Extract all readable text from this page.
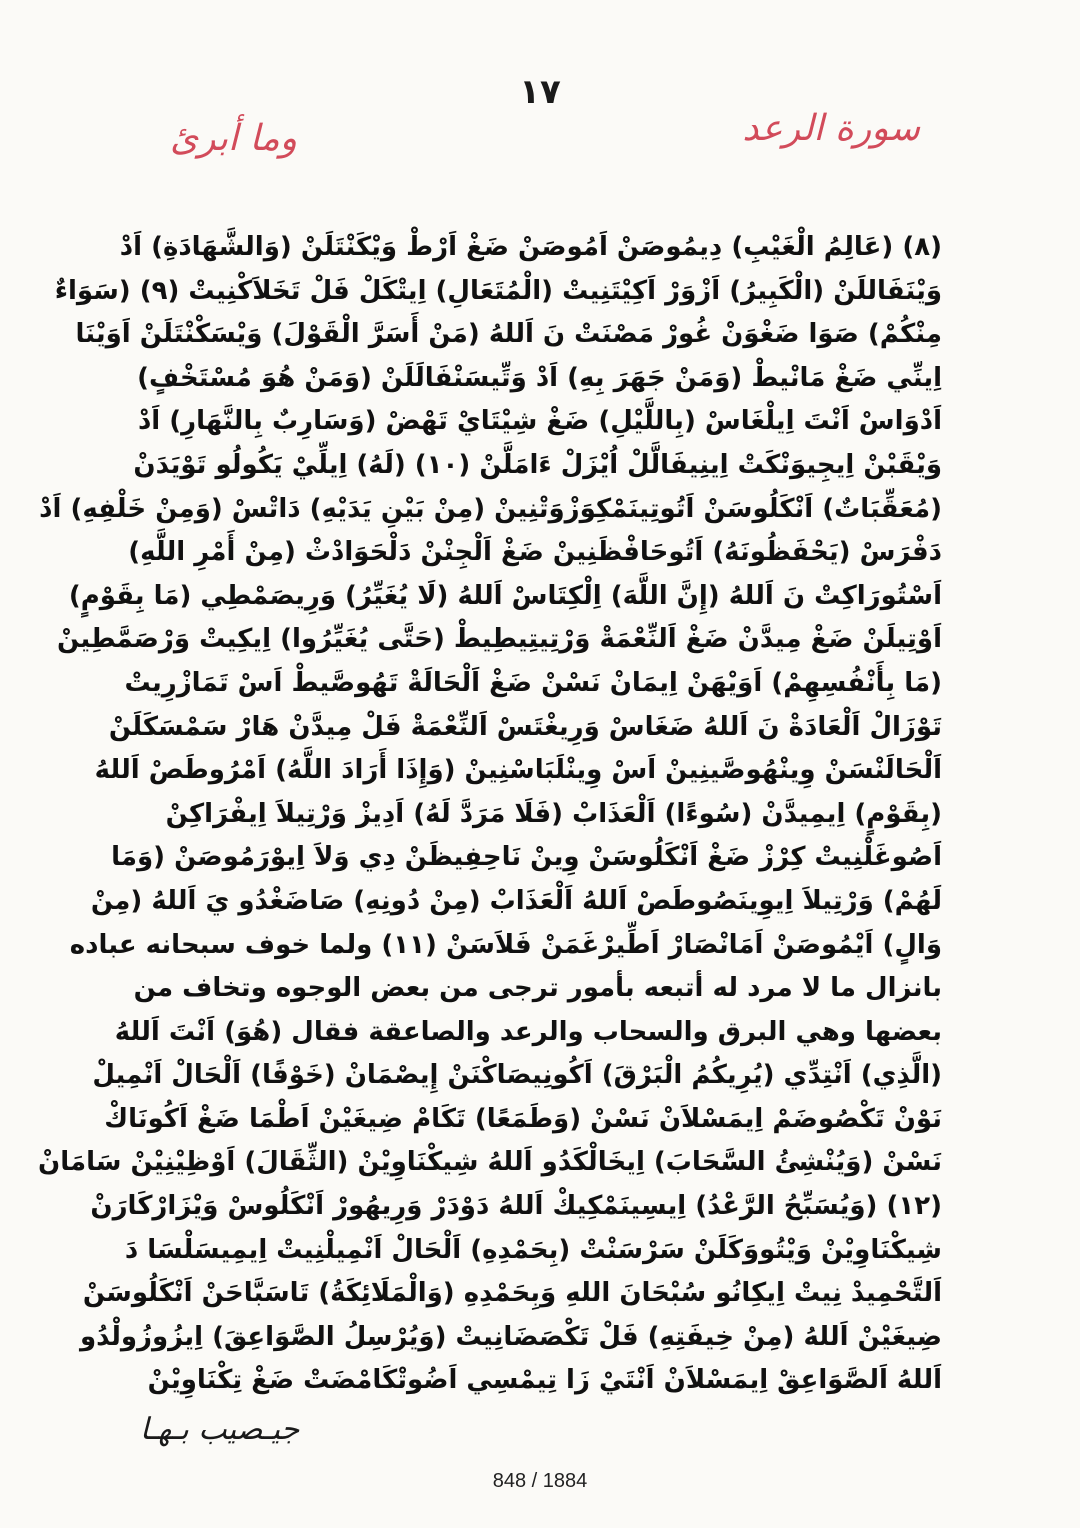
١٧
سورة الرعد
وما أبرئ
(٨) (عَالِمُ الْغَيْبِ) دِيمُوصَنْ اَمُوصَنْ ضَغْ اَرْطْ وَيْكَنْتَلَنْ (وَالشَّهَادَةِ) اَدْ
وَيْنَفَاللَنْ (الْكَبِيرُ) اَزْوَرْ اَكِيْتَنِيتْ (الْمُتَعَالِ) اِيتْكَلْ فَلْ تَخَلاَكْنِيتْ (٩) (سَوَاءٌ
مِنْكُمْ) صَوَا ضَغْوَنْ غُورْ مَصْنَتْ نَ اَللهُ (مَنْ أَسَرَّ الْقَوْلَ) وَيْسَكْنْتَلَنْ اَوَيْنَا
اِينِّي ضَغْ مَانْيطْ (وَمَنْ جَهَرَ بِهِ) اَدْ وَتِّيسَنْفَالَلَنْ (وَمَنْ هُوَ مُسْتَخْفٍ)
اَدْوَاسْ اَنْتَ اِيلْغَاسْ (بِاللَّيْلِ) ضَغْ شِيْتَايْ تَهْضْ (وَسَارِبٌ بِالنَّهَارِ) اَدْ
وَيْقَبْنْ اِيجِيوَنْكَتْ اِينِيفَالَّلْ اُيْزَلْ ءَامَلَّنْ (١٠) (لَهُ) اِيلِّيْ يَكُولُو تَوْيَدَنْ
(مُعَقِّبَاتٌ) اَنْكَلُوسَنْ اَتُوتِينَمْكِوَزْوَتْنِينْ (مِنْ بَيْنِ يَدَيْهِ) دَاتْسْ (وَمِنْ خَلْفِهِ) اَدْ
دَفْرَسْ (يَحْفَظُونَهُ) اَتُوحَافْظَنِينْ ضَغْ اَلْجِنْنْ دَلْحَوَادْثْ (مِنْ أَمْرِ اللَّهِ)
اَسْتُورَاكِتْ نَ اَللهُ (إِنَّ اللَّهَ) اِلْكِتَاسْ اَللهُ (لَا يُغَيِّرُ) وَرِيصَمْطِي (مَا بِقَوْمٍ)
اَوْتِيلَنْ ضَغْ مِيدَّنْ ضَغْ اَلنِّعْمَةْ وَرْتِيتِيطِيطْ (حَتَّى يُغَيِّرُوا) اِيكِيتْ وَرْصَمَّطِينْ
(مَا بِأَنْفُسِهِمْ) اَوَيْهَنْ اِيمَانْ نَسْنْ ضَغْ اَلْحَالَةْ تَهُوصَّيطْ اَسْ تَمَازْرِيتْ
تَوْزَالْ اَلْعَادَةْ نَ اَللهُ ضَغَاسْ وَرِيغْتَسْ اَلنِّعْمَةْ فَلْ مِيدَّنْ هَارْ سَمْسَكَلَنْ
اَلْحَالَنْسَنْ وِينْهُوصَّينِينْ اَسْ وِينْلَبَاسْنِينْ (وَإِذَا أَرَادَ اللَّهُ) اَمْرُوطَصْ اَللهُ
(بِقَوْمٍ) اِيمِيدَّنْ (سُوءًا) اَلْعَذَابْ (فَلَا مَرَدَّ لَهُ) اَدِيزْ وَرْتِيلاَ اِيفْرَاكِنْ
اَصُوغَلْنِيتْ كِرْزْ ضَغْ اَنْكَلُوسَنْ وِينْ نَاحِفِيظَنْ دِي وَلاَ اِيوْرَمُوصَنْ (وَمَا
لَهُمْ) وَرْتِيلاَ اِيوِينَصُوطَصْ اَللهُ اَلْعَذَابْ (مِنْ دُونِهِ) صَاضَغْدُو يَ اَللهُ (مِنْ
وَالٍ) اَيْمُوصَنْ اَمَانْصَارْ اَطِّيرْغَمَنْ فَلاَسَنْ (١١) ولما خوف سبحانه عباده
بانزال ما لا مرد له أتبعه بأمور ترجى من بعض الوجوه وتخاف من
بعضها وهي البرق والسحاب والرعد والصاعقة فقال (هُوَ) اَنْتَ اَللهُ
(الَّذِي) اَنْتِدِّي (يُرِيكُمُ الْبَرْقَ) اَكُونِيصَاكْنَنْ إِيصْمَانْ (خَوْفًا) اَلْحَالْ اَنْمِيلْ
نَوْنْ تَكْصُوضَمْ اِيمَسْلاَنْ نَسْنْ (وَطَمَعًا) تَكَامْ ضِيغَيْنْ اَطْمَا ضَغْ اَكُونَاكْ
نَسْنْ (وَيُنْشِئُ السَّحَابَ) اِيخَالْكَدُو اَللهُ شِيكْنَاوِيْنْ (الثِّقَالَ) اَوْظِيْنِيْنْ سَامَانْ
(١٢) (وَيُسَبِّحُ الرَّعْدُ) اِيسِينَمْكِيكْ اَللهُ دَوْدَرْ وَرِيهُورْ اَنْكَلُوسْ وَيْزَارْكَارَنْ
شِيكْنَاوِيْنْ وَيْتُووَكَلَنْ سَرْسَنْتْ (بِحَمْدِهِ) اَلْحَالْ اَنْمِيلْنِيتْ اِيمِيسَلْسَا دَ
اَلتَّحْمِيدْ نِيتْ اِيكِانُو سُبْحَانَ اللهِ وَبِحَمْدِهِ (وَالْمَلَائِكَةُ) تَاسَبَّاحَنْ اَنْكَلُوسَنْ
ضِيغَيْنْ اَللهُ (مِنْ خِيفَتِهِ) فَلْ تَكْصَضَانِيتْ (وَيُرْسِلُ الصَّوَاعِقَ) اِيزُوزُولْدُو
اَللهُ اَلصَّوَاعِقْ اِيمَسْلاَنْ اَنْتَيْ زَا تِيمْسِي اَضُوتْكَامْضَتْ ضَغْ تِكْنَاوِيْنْ
جيـصيب بـهـا
848 / 1884
